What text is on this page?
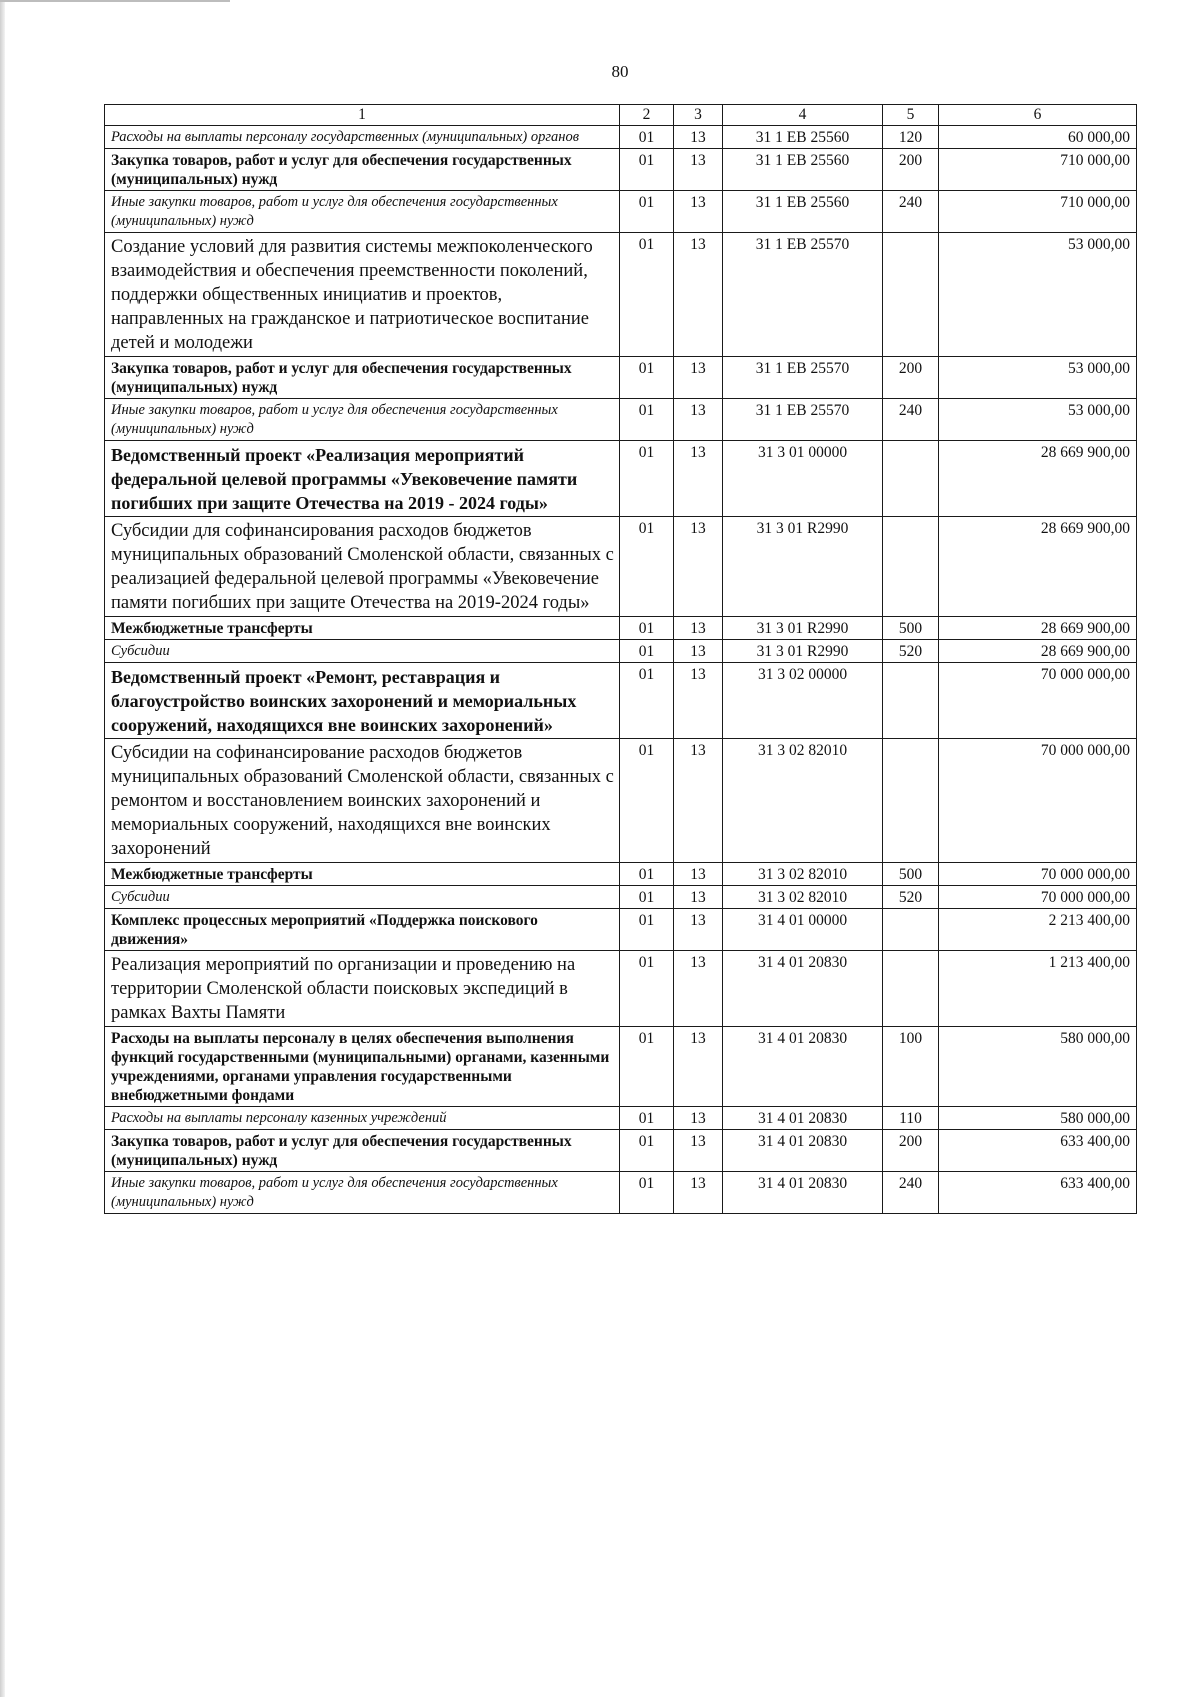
80
1	2	3	4	5	6
Расходы на выплаты персоналу государственных (муниципальных) органов	01	13	31 1 EB 25560	120	60 000,00
Закупка товаров, работ и услуг для обеспечения государственных (муниципальных) нужд	01	13	31 1 EB 25560	200	710 000,00
Иные закупки товаров, работ и услуг для обеспечения государственных (муниципальных) нужд	01	13	31 1 EB 25560	240	710 000,00
Создание условий для развития системы межпоколенческого взаимодействия и обеспечения преемственности поколений, поддержки общественных инициатив и проектов, направленных на гражданское и патриотическое воспитание детей и молодежи	01	13	31 1 EB 25570		53 000,00
Закупка товаров, работ и услуг для обеспечения государственных (муниципальных) нужд	01	13	31 1 EB 25570	200	53 000,00
Иные закупки товаров, работ и услуг для обеспечения государственных (муниципальных) нужд	01	13	31 1 EB 25570	240	53 000,00
Ведомственный проект «Реализация мероприятий федеральной целевой программы «Увековечение памяти погибших при защите Отечества на 2019 - 2024 годы»	01	13	31 3 01 00000		28 669 900,00
Субсидии для софинансирования расходов бюджетов муниципальных образований Смоленской области, связанных с реализацией федеральной целевой программы «Увековечение памяти погибших при защите Отечества на 2019-2024 годы»	01	13	31 3 01 R2990		28 669 900,00
Межбюджетные трансферты	01	13	31 3 01 R2990	500	28 669 900,00
Субсидии	01	13	31 3 01 R2990	520	28 669 900,00
Ведомственный проект «Ремонт, реставрация и благоустройство воинских захоронений и мемориальных сооружений, находящихся вне воинских захоронений»	01	13	31 3 02 00000		70 000 000,00
Субсидии на софинансирование расходов бюджетов муниципальных образований Смоленской области, связанных с ремонтом и восстановлением воинских захоронений и мемориальных сооружений, находящихся вне воинских захоронений	01	13	31 3 02 82010		70 000 000,00
Межбюджетные трансферты	01	13	31 3 02 82010	500	70 000 000,00
Субсидии	01	13	31 3 02 82010	520	70 000 000,00
Комплекс процессных мероприятий «Поддержка поискового движения»	01	13	31 4 01 00000		2 213 400,00
Реализация мероприятий по организации и проведению на территории Смоленской области поисковых экспедиций в рамках Вахты Памяти	01	13	31 4 01 20830		1 213 400,00
Расходы на выплаты персоналу в целях обеспечения выполнения функций государственными (муниципальными) органами, казенными учреждениями, органами управления государственными внебюджетными фондами	01	13	31 4 01 20830	100	580 000,00
Расходы на выплаты персоналу казенных учреждений	01	13	31 4 01 20830	110	580 000,00
Закупка товаров, работ и услуг для обеспечения государственных (муниципальных) нужд	01	13	31 4 01 20830	200	633 400,00
Иные закупки товаров, работ и услуг для обеспечения государственных (муниципальных) нужд	01	13	31 4 01 20830	240	633 400,00
